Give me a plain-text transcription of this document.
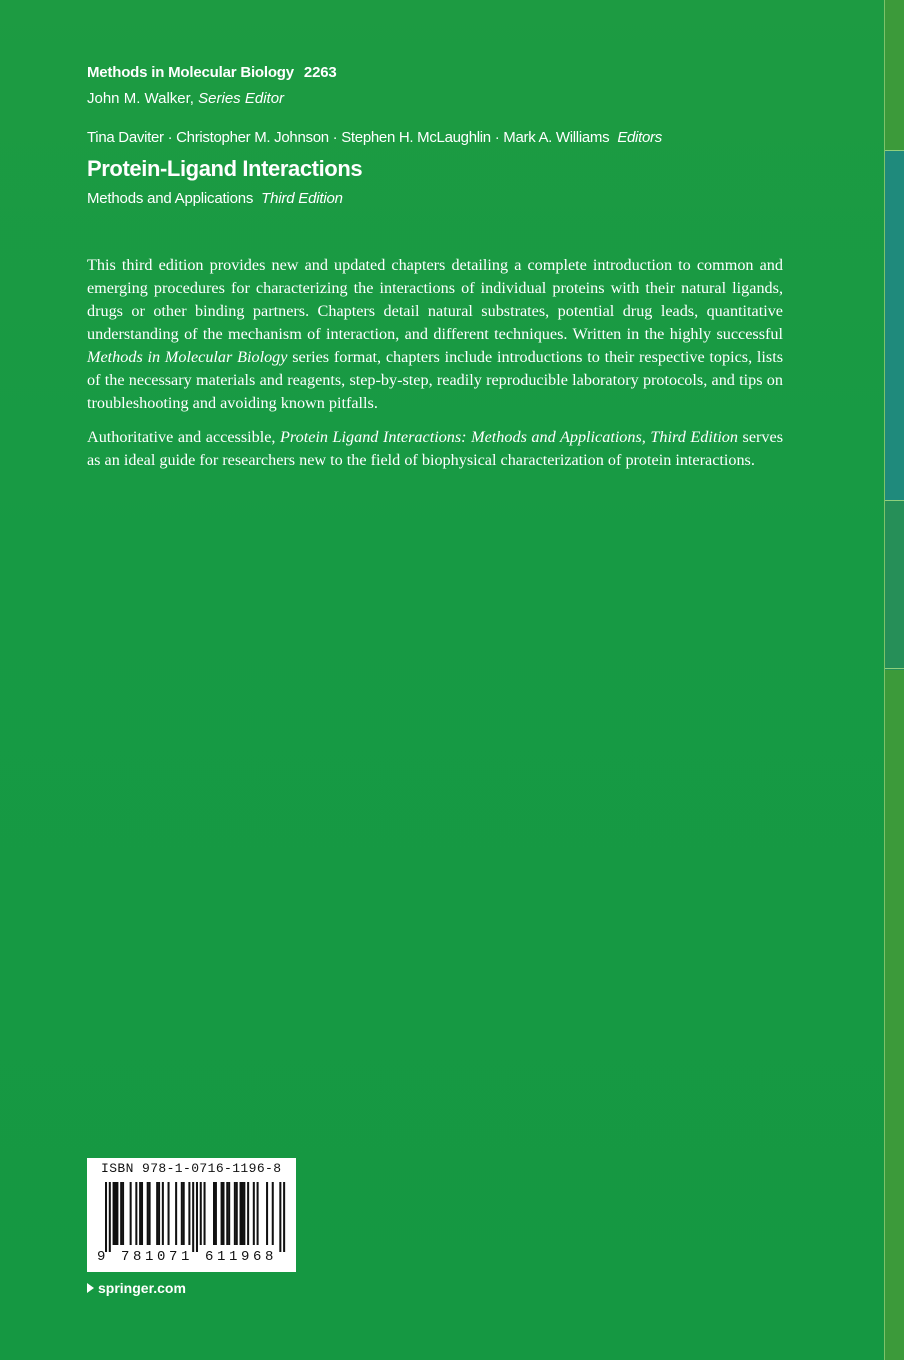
Methods in Molecular Biology 2263
John M. Walker, Series Editor
Tina Daviter · Christopher M. Johnson · Stephen H. McLaughlin · Mark A. Williams Editors
Protein-Ligand Interactions
Methods and Applications Third Edition

This third edition provides new and updated chapters detailing a complete introduction to common and emerging procedures for characterizing the interactions of individual proteins with their natural ligands, drugs or other binding partners. Chapters detail natural substrates, potential drug leads, quantitative understanding of the mechanism of interaction, and different techniques. Written in the highly successful Methods in Molecular Biology series format, chapters include introductions to their respective topics, lists of the necessary materials and reagents, step-by-step, readily reproducible laboratory protocols, and tips on troubleshooting and avoiding known pitfalls.

Authoritative and accessible, Protein Ligand Interactions: Methods and Applications, Third Edition serves as an ideal guide for researchers new to the field of biophysical characterization of protein interactions.

ISBN 978-1-0716-1196-8
9 781071 611968
springer.com
